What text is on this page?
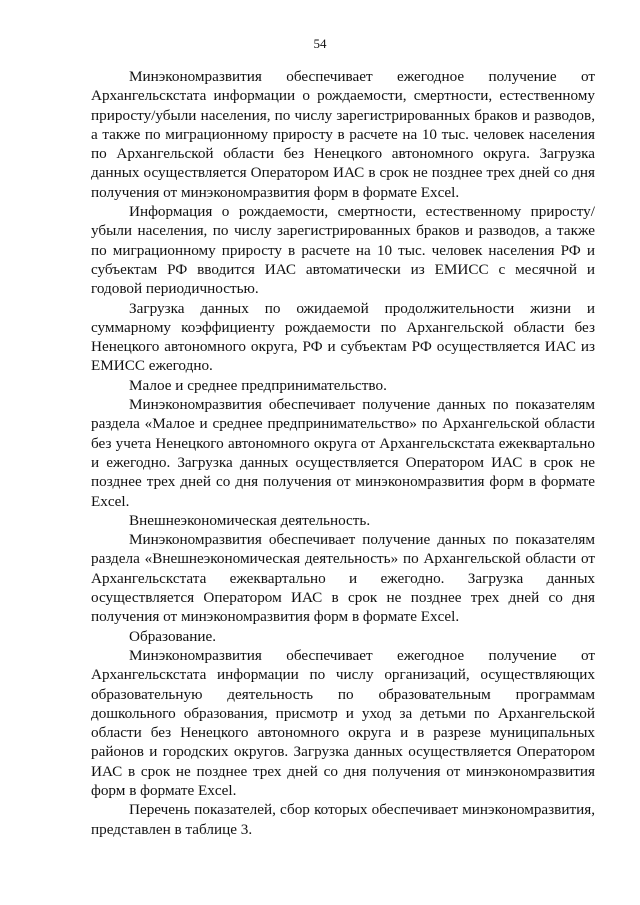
54

Минэкономразвития обеспечивает ежегодное получение от Архангельскстата информации о рождаемости, смертности, естественному приросту/убыли населения, по числу зарегистрированных браков и разводов, а также по миграционному приросту в расчете на 10 тыс. человек населения по Архангельской области без Ненецкого автономного округа. Загрузка данных осуществляется Оператором ИАС в срок не позднее трех дней со дня получения от минэкономразвития форм в формате Excel.

Информация о рождаемости, смертности, естественному приросту/ убыли населения, по числу зарегистрированных браков и разводов, а также по миграционному приросту в расчете на 10 тыс. человек населения РФ и субъектам РФ вводится ИАС автоматически из ЕМИСС с месячной и годовой периодичностью.

Загрузка данных по ожидаемой продолжительности жизни и суммарному коэффициенту рождаемости по Архангельской области без Ненецкого автономного округа, РФ и субъектам РФ осуществляется ИАС из ЕМИСС ежегодно.

Малое и среднее предпринимательство.

Минэкономразвития обеспечивает получение данных по показателям раздела «Малое и среднее предпринимательство» по Архангельской области без учета Ненецкого автономного округа от Архангельскстата ежеквартально и ежегодно. Загрузка данных осуществляется Оператором ИАС в срок не позднее трех дней со дня получения от минэкономразвития форм в формате Excel.

Внешнеэкономическая деятельность.

Минэкономразвития обеспечивает получение данных по показателям раздела «Внешнеэкономическая деятельность» по Архангельской области от Архангельскстата ежеквартально и ежегодно. Загрузка данных осуществляется Оператором ИАС в срок не позднее трех дней со дня получения от минэкономразвития форм в формате Excel.

Образование.

Минэкономразвития обеспечивает ежегодное получение от Архангельскстата информации по числу организаций, осуществляющих образовательную деятельность по образовательным программам дошкольного образования, присмотр и уход за детьми по Архангельской области без Ненецкого автономного округа и в разрезе муниципальных районов и городских округов. Загрузка данных осуществляется Оператором ИАС в срок не позднее трех дней со дня получения от минэкономразвития форм в формате Excel.

Перечень показателей, сбор которых обеспечивает минэкономразвития, представлен в таблице 3.
